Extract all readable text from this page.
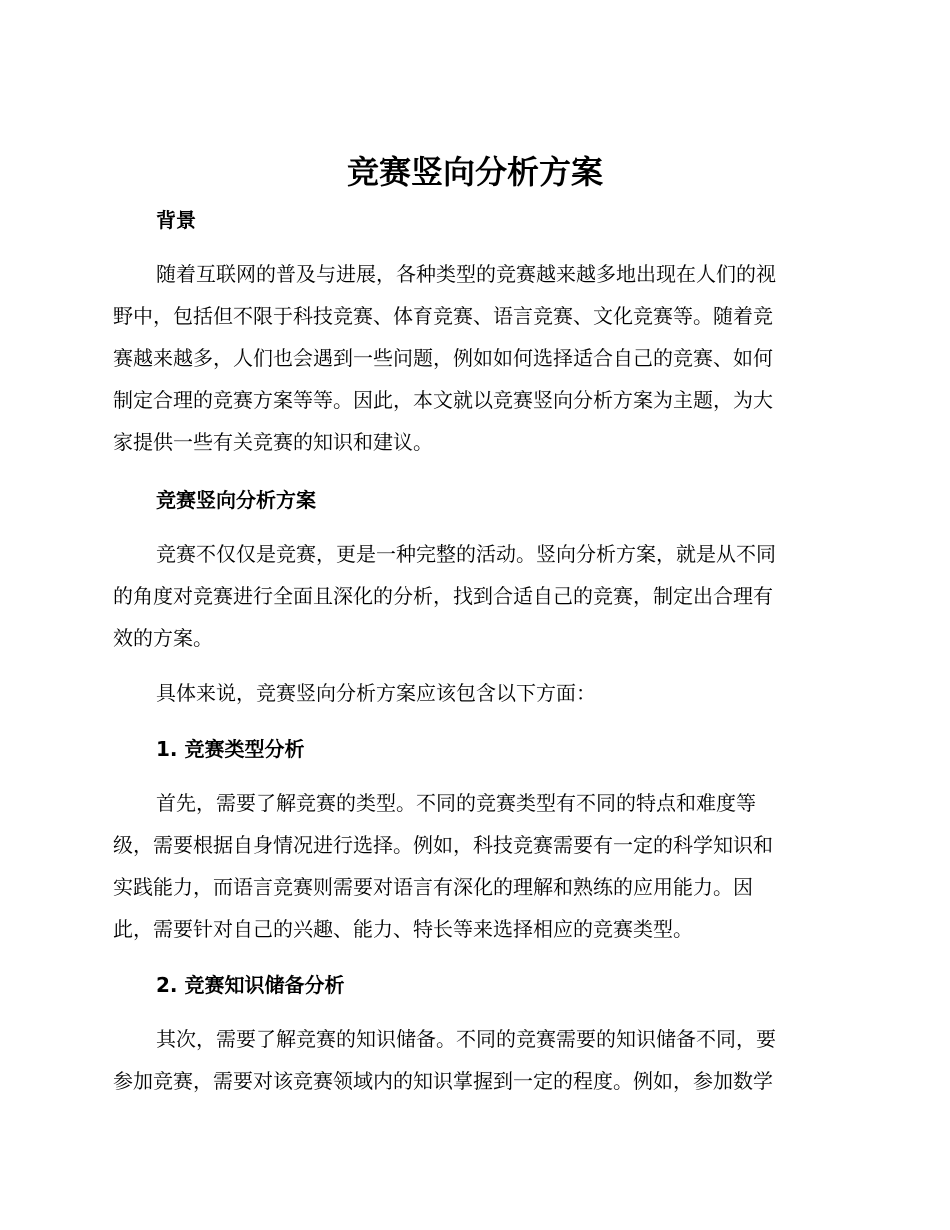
竞赛竖向分析方案
背景

随着互联网的普及与进展，各种类型的竞赛越来越多地出现在人们的视
野中，包括但不限于科技竞赛、体育竞赛、语言竞赛、文化竞赛等。随着竞
赛越来越多，人们也会遇到一些问题，例如如何选择适合自己的竞赛、如何
制定合理的竞赛方案等等。因此，本文就以竞赛竖向分析方案为主题，为大
家提供一些有关竞赛的知识和建议。

竞赛竖向分析方案

竞赛不仅仅是竞赛，更是一种完整的活动。竖向分析方案，就是从不同
的角度对竞赛进行全面且深化的分析，找到合适自己的竞赛，制定出合理有
效的方案。

具体来说，竞赛竖向分析方案应该包含以下方面：

1. 竞赛类型分析

首先，需要了解竞赛的类型。不同的竞赛类型有不同的特点和难度等
级，需要根据自身情况进行选择。例如，科技竞赛需要有一定的科学知识和
实践能力，而语言竞赛则需要对语言有深化的理解和熟练的应用能力。因
此，需要针对自己的兴趣、能力、特长等来选择相应的竞赛类型。

2. 竞赛知识储备分析

其次，需要了解竞赛的知识储备。不同的竞赛需要的知识储备不同，要
参加竞赛，需要对该竞赛领域内的知识掌握到一定的程度。例如，参加数学
